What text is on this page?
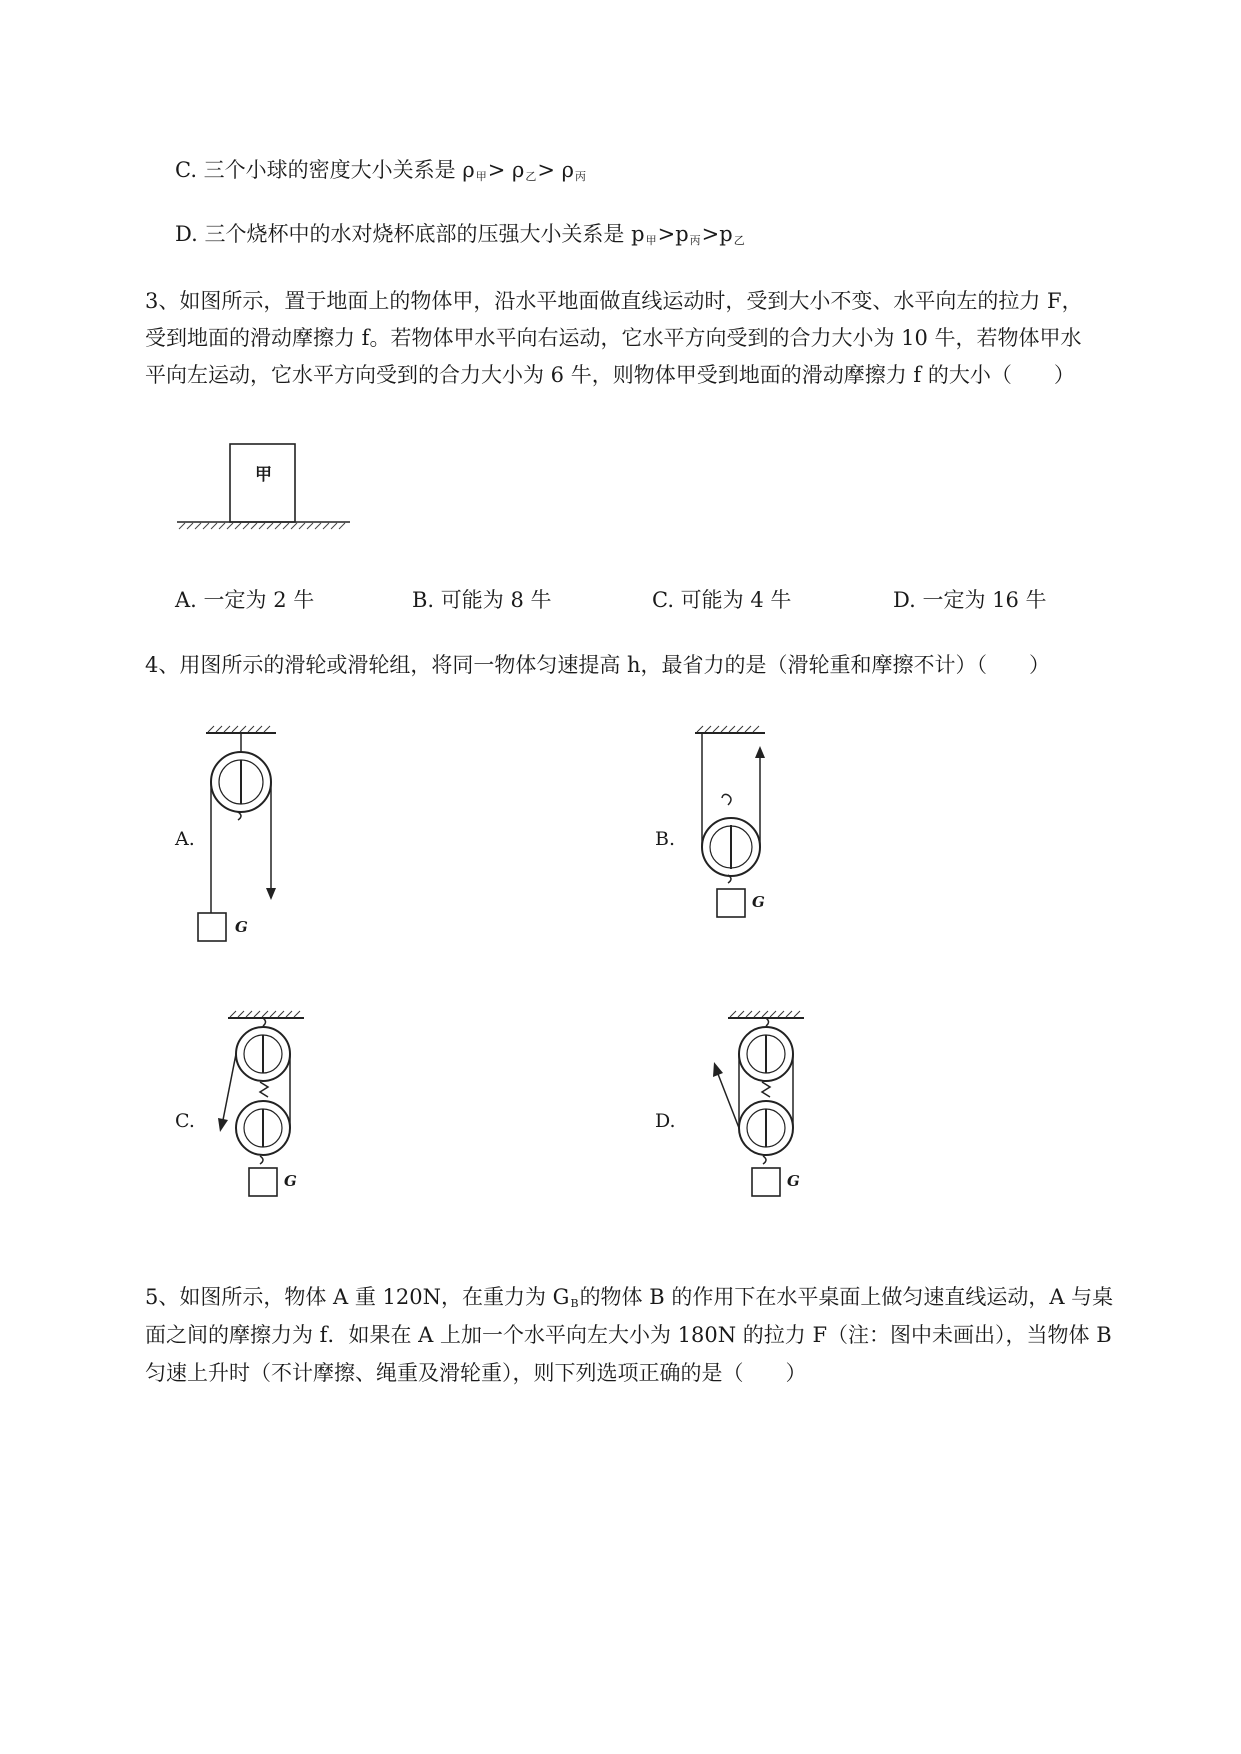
C. 三个小球的密度大小关系是 $\rho_甲> \rho_乙> \rho_丙$
D. 三个烧杯中的水对烧杯底部的压强大小关系是 $p_甲>p_丙>p_乙$
3、如图所示，置于地面上的物体甲，沿水平地面做直线运动时，受到大小不变、水平向左的拉力 F，
受到地面的滑动摩擦力 f。若物体甲水平向右运动，它水平方向受到的合力大小为 10 牛，若物体甲水
平向左运动，它水平方向受到的合力大小为 6 牛，则物体甲受到地面的滑动摩擦力 f 的大小（　　）
甲
A. 一定为 2 牛	B. 可能为 8 牛	C. 可能为 4 牛	D. 一定为 16 牛
4、用图所示的滑轮或滑轮组，将同一物体匀速提高 h，最省力的是（滑轮重和摩擦不计）（　　）
A.
G
B.
G
C.
G
D.
G
5、如图所示，物体 A 重 120N，在重力为 $G_B$的物体 B 的作用下在水平桌面上做匀速直线运动，A 与桌
面之间的摩擦力为 f．如果在 A 上加一个水平向左大小为 180N 的拉力 F（注：图中未画出），当物体 B
匀速上升时（不计摩擦、绳重及滑轮重），则下列选项正确的是（　　）
